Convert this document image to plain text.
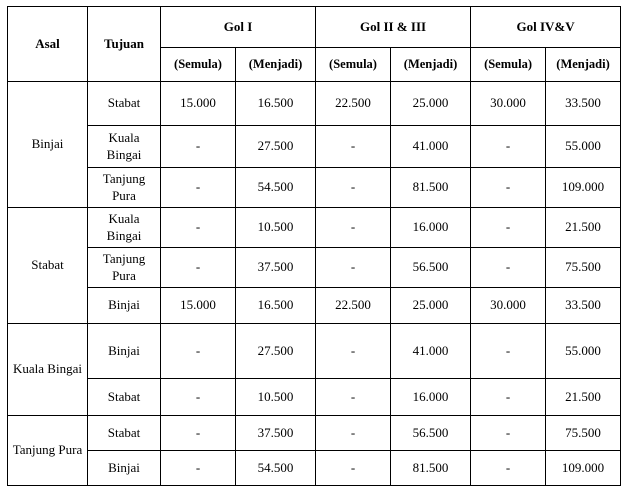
Asal	Tujuan	Gol I		Gol II & III		Gol IV&V	
		(Semula)	(Menjadi)	(Semula)	(Menjadi)	(Semula)	(Menjadi)
Binjai	Stabat	15.000	16.500	22.500	25.000	30.000	33.500
	Kuala Bingai	-	27.500	-	41.000	-	55.000
	Tanjung Pura	-	54.500	-	81.500	-	109.000
Stabat	Kuala Bingai	-	10.500	-	16.000	-	21.500
	Tanjung Pura	-	37.500	-	56.500	-	75.500
	Binjai	15.000	16.500	22.500	25.000	30.000	33.500
Kuala Bingai	Binjai	-	27.500	-	41.000	-	55.000
	Stabat	-	10.500	-	16.000	-	21.500
Tanjung Pura	Stabat	-	37.500	-	56.500	-	75.500
	Binjai	-	54.500	-	81.500	-	109.000
